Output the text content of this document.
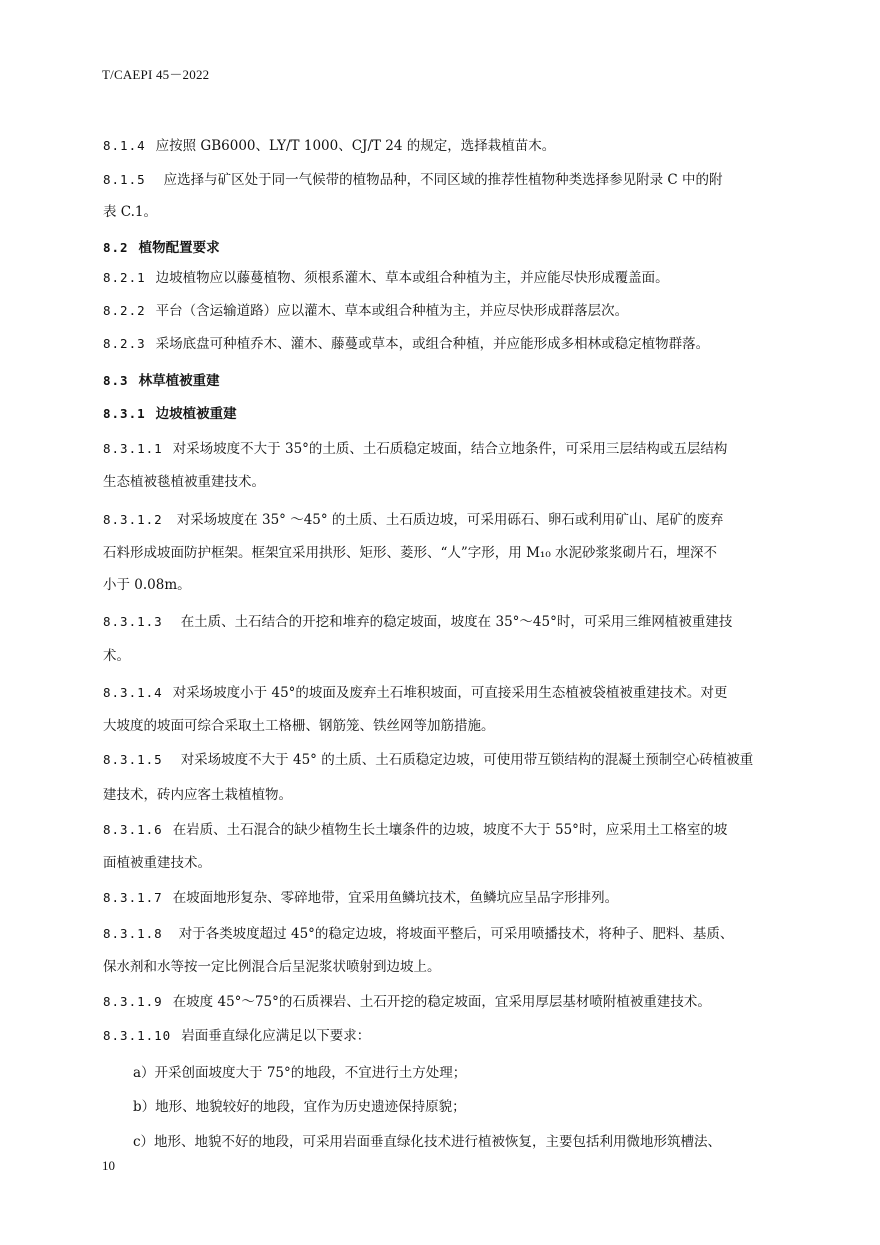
T/CAEPI 45－2022
8.1.4 应按照 GB6000、LY/T 1000、CJ/T 24 的规定，选择栽植苗木。
8.1.5 应选择与矿区处于同一气候带的植物品种，不同区域的推荐性植物种类选择参见附录 C 中的附
表 C.1。
8.2 植物配置要求
8.2.1 边坡植物应以藤蔓植物、须根系灌木、草本或组合种植为主，并应能尽快形成覆盖面。
8.2.2 平台（含运输道路）应以灌木、草本或组合种植为主，并应尽快形成群落层次。
8.2.3 采场底盘可种植乔木、灌木、藤蔓或草本，或组合种植，并应能形成多相林或稳定植物群落。
8.3 林草植被重建
8.3.1 边坡植被重建
8.3.1.1 对采场坡度不大于 35°的土质、土石质稳定坡面，结合立地条件，可采用三层结构或五层结构
生态植被毯植被重建技术。
8.3.1.2 对采场坡度在 35° ～45° 的土质、土石质边坡，可采用砾石、卵石或利用矿山、尾矿的废弃
石料形成坡面防护框架。框架宜采用拱形、矩形、菱形、“人”字形，用 M₁₀ 水泥砂浆浆砌片石，埋深不
小于 0.08m。
8.3.1.3 在土质、土石结合的开挖和堆弃的稳定坡面，坡度在 35°～45°时，可采用三维网植被重建技
术。
8.3.1.4 对采场坡度小于 45°的坡面及废弃土石堆积坡面，可直接采用生态植被袋植被重建技术。对更
大坡度的坡面可综合采取土工格栅、钢筋笼、铁丝网等加筋措施。
8.3.1.5 对采场坡度不大于 45° 的土质、土石质稳定边坡，可使用带互锁结构的混凝土预制空心砖植被重
建技术，砖内应客土栽植植物。
8.3.1.6 在岩质、土石混合的缺少植物生长土壤条件的边坡，坡度不大于 55°时，应采用土工格室的坡
面植被重建技术。
8.3.1.7 在坡面地形复杂、零碎地带，宜采用鱼鳞坑技术，鱼鳞坑应呈品字形排列。
8.3.1.8 对于各类坡度超过 45°的稳定边坡，将坡面平整后，可采用喷播技术，将种子、肥料、基质、
保水剂和水等按一定比例混合后呈泥浆状喷射到边坡上。
8.3.1.9 在坡度 45°～75°的石质裸岩、土石开挖的稳定坡面，宜采用厚层基材喷附植被重建技术。
8.3.1.10 岩面垂直绿化应满足以下要求：
a）开采创面坡度大于 75°的地段，不宜进行土方处理；
b）地形、地貌较好的地段，宜作为历史遗迹保持原貌；
c）地形、地貌不好的地段，可采用岩面垂直绿化技术进行植被恢复，主要包括利用微地形筑槽法、
10
